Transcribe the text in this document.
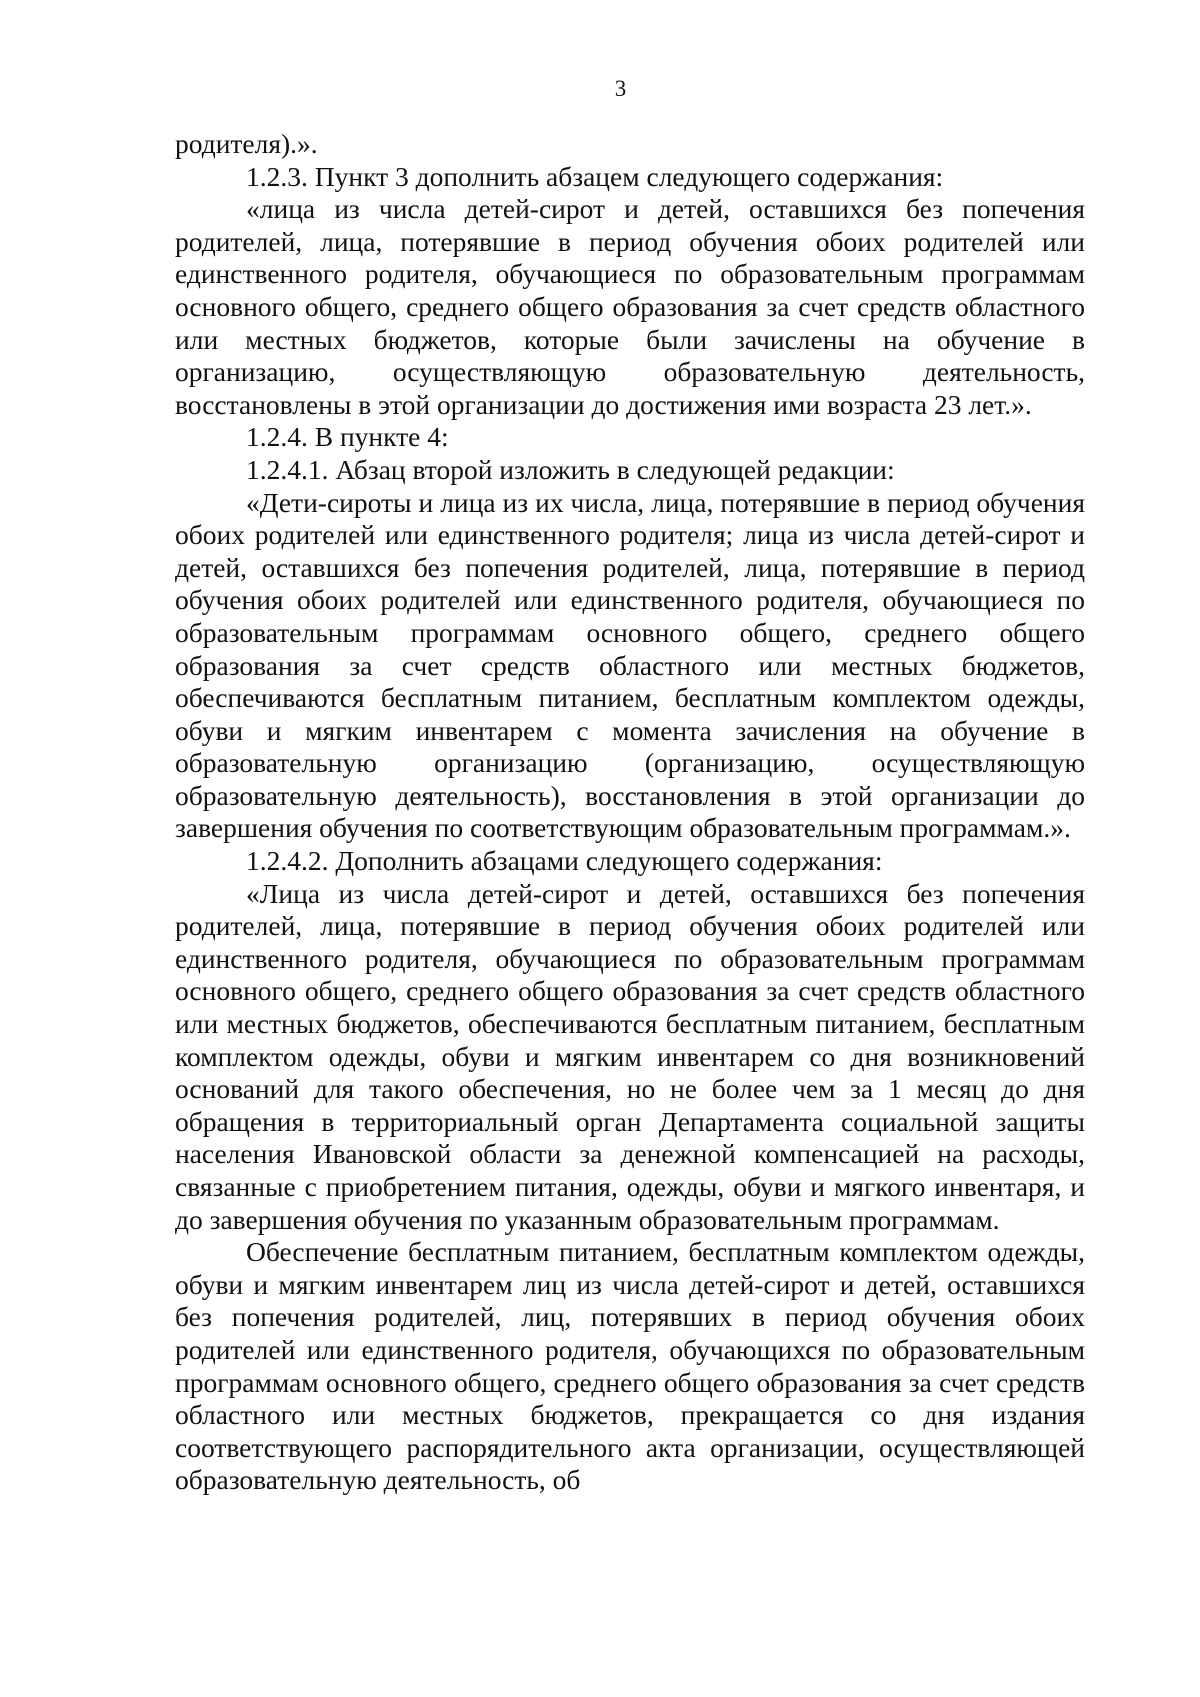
3

родителя).».

1.2.3. Пункт 3 дополнить абзацем следующего содержания:

«лица из числа детей-сирот и детей, оставшихся без попечения родителей, лица, потерявшие в период обучения обоих родителей или единственного родителя, обучающиеся по образовательным программам основного общего, среднего общего образования за счет средств областного или местных бюджетов, которые были зачислены на обучение в организацию, осуществляющую образовательную деятельность, восстановлены в этой организации до достижения ими возраста 23 лет.».

1.2.4. В пункте 4:

1.2.4.1. Абзац второй изложить в следующей редакции:

«Дети-сироты и лица из их числа, лица, потерявшие в период обучения обоих родителей или единственного родителя; лица из числа детей-сирот и детей, оставшихся без попечения родителей, лица, потерявшие в период обучения обоих родителей или единственного родителя, обучающиеся по образовательным программам основного общего, среднего общего образования за счет средств областного или местных бюджетов, обеспечиваются бесплатным питанием, бесплатным комплектом одежды, обуви и мягким инвентарем с момента зачисления на обучение в образовательную организацию (организацию, осуществляющую образовательную деятельность), восстановления в этой организации до завершения обучения по соответствующим образовательным программам.».

1.2.4.2. Дополнить абзацами следующего содержания:

«Лица из числа детей-сирот и детей, оставшихся без попечения родителей, лица, потерявшие в период обучения обоих родителей или единственного родителя, обучающиеся по образовательным программам основного общего, среднего общего образования за счет средств областного или местных бюджетов, обеспечиваются бесплатным питанием, бесплатным комплектом одежды, обуви и мягким инвентарем со дня возникновений оснований для такого обеспечения, но не более чем за 1 месяц до дня обращения в территориальный орган Департамента социальной защиты населения Ивановской области за денежной компенсацией на расходы, связанные с приобретением питания, одежды, обуви и мягкого инвентаря, и до завершения обучения по указанным образовательным программам.

Обеспечение бесплатным питанием, бесплатным комплектом одежды, обуви и мягким инвентарем лиц из числа детей-сирот и детей, оставшихся без попечения родителей, лиц, потерявших в период обучения обоих родителей или единственного родителя, обучающихся по образовательным программам основного общего, среднего общего образования за счет средств областного или местных бюджетов, прекращается со дня издания соответствующего распорядительного акта организации, осуществляющей образовательную деятельность, об
